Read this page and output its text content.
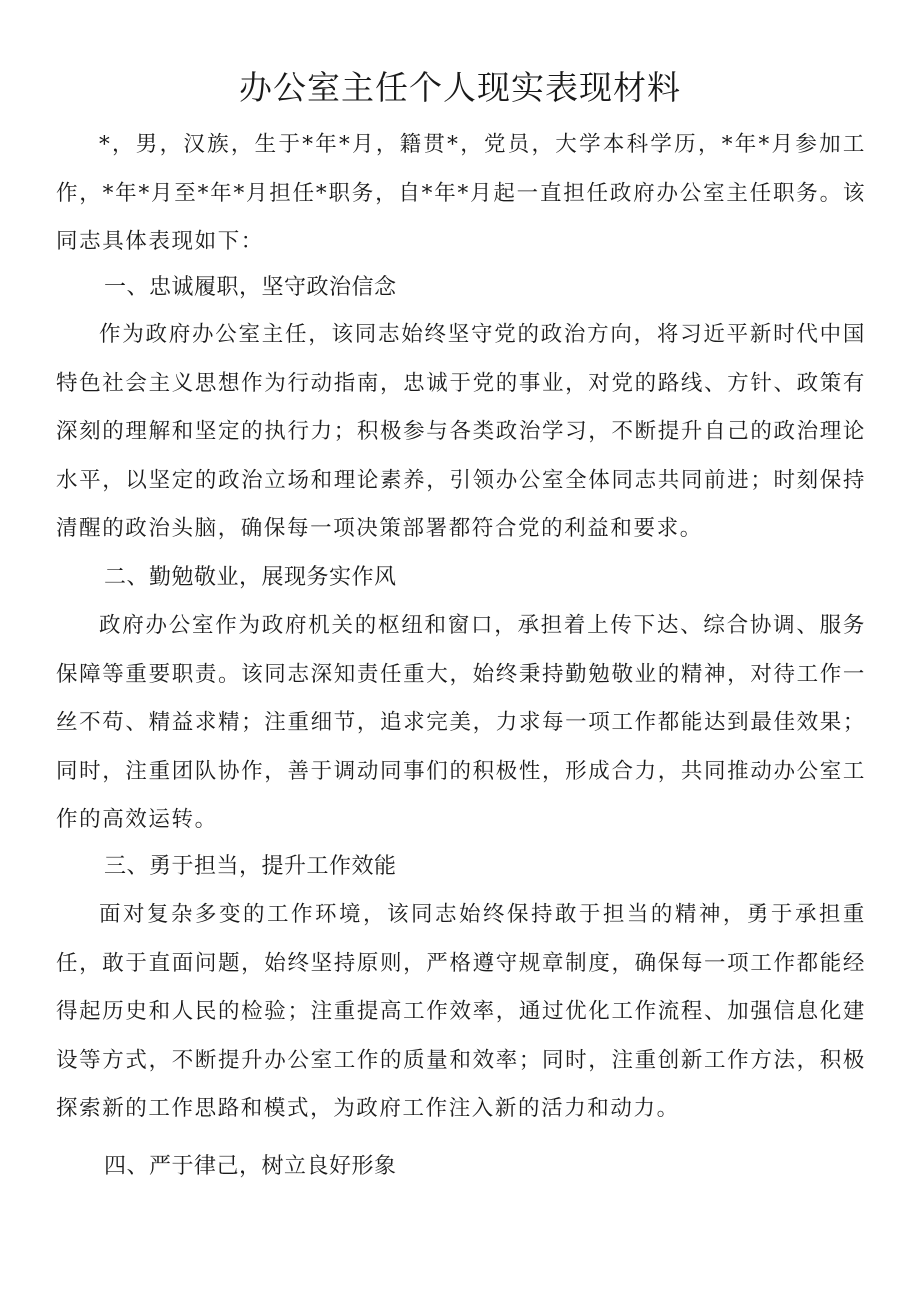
办公室主任个人现实表现材料

*，男，汉族，生于*年*月，籍贯*，党员，大学本科学历，*年*月参加工作，*年*月至*年*月担任*职务，自*年*月起一直担任政府办公室主任职务。该同志具体表现如下：

一、忠诚履职，坚守政治信念

作为政府办公室主任，该同志始终坚守党的政治方向，将习近平新时代中国特色社会主义思想作为行动指南，忠诚于党的事业，对党的路线、方针、政策有深刻的理解和坚定的执行力；积极参与各类政治学习，不断提升自己的政治理论水平，以坚定的政治立场和理论素养，引领办公室全体同志共同前进；时刻保持清醒的政治头脑，确保每一项决策部署都符合党的利益和要求。

二、勤勉敬业，展现务实作风

政府办公室作为政府机关的枢纽和窗口，承担着上传下达、综合协调、服务保障等重要职责。该同志深知责任重大，始终秉持勤勉敬业的精神，对待工作一丝不苟、精益求精；注重细节，追求完美，力求每一项工作都能达到最佳效果；同时，注重团队协作，善于调动同事们的积极性，形成合力，共同推动办公室工作的高效运转。

三、勇于担当，提升工作效能

面对复杂多变的工作环境，该同志始终保持敢于担当的精神，勇于承担重任，敢于直面问题，始终坚持原则，严格遵守规章制度，确保每一项工作都能经得起历史和人民的检验；注重提高工作效率，通过优化工作流程、加强信息化建设等方式，不断提升办公室工作的质量和效率；同时，注重创新工作方法，积极探索新的工作思路和模式，为政府工作注入新的活力和动力。

四、严于律己，树立良好形象
